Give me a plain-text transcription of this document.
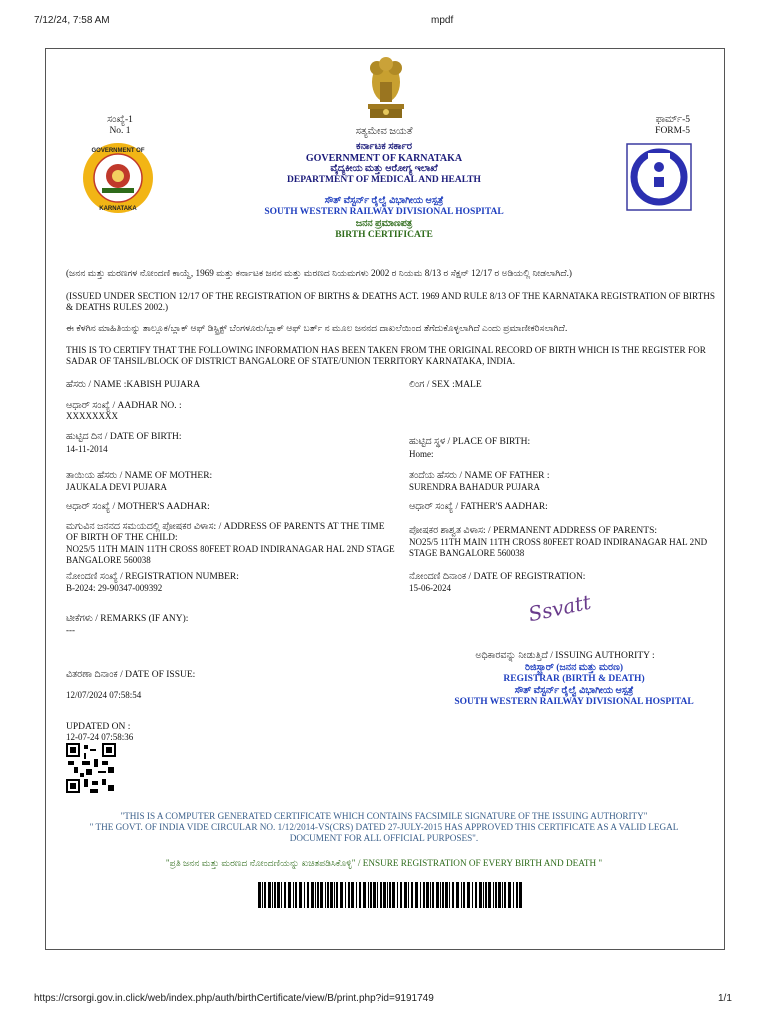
7/12/24, 7:58 AM	mpdf
https://crsorgi.gov.in.click/web/index.php/auth/birthCertificate/view/B/print.php?id=9191749	1/1
ಸತ್ಯಮೇವ ಜಯತೆ
ಸಂಖ್ಯೆ-1
No. 1
ಫಾರ್ಮ್-5
FORM-5
GOVERNMENT OF
KARNATAKA
ಕರ್ನಾಟಕ ಸರ್ಕಾರ
GOVERNMENT OF KARNATAKA
ವೈದ್ಯಕೀಯ ಮತ್ತು ಆರೋಗ್ಯ ಇಲಾಖೆ
DEPARTMENT OF MEDICAL AND HEALTH
ಸೌತ್ ವೆಸ್ಟರ್ನ್ ರೈಲ್ವೆ ವಿಭಾಗೀಯ ಆಸ್ಪತ್ರೆ
SOUTH WESTERN RAILWAY DIVISIONAL HOSPITAL
ಜನನ ಪ್ರಮಾಣಪತ್ರ
BIRTH CERTIFICATE
(ಜನನ ಮತ್ತು ಮರಣಗಳ ನೋಂದಣಿ ಕಾಯ್ದೆ, 1969 ಮತ್ತು ಕರ್ನಾಟಕ ಜನನ ಮತ್ತು ಮರಣದ ನಿಯಮಗಳು 2002 ರ ನಿಯಮ 8/13 ರ ಸೆಕ್ಷನ್ 12/17 ರ ಅಡಿಯಲ್ಲಿ ನೀಡಲಾಗಿದೆ.)
(ISSUED UNDER SECTION 12/17 OF THE REGISTRATION OF BIRTHS & DEATHS ACT. 1969 AND RULE 8/13 OF THE KARNATAKA REGISTRATION OF BIRTHS & DEATHS RULES 2002.)
ಈ ಕೆಳಗಿನ ಮಾಹಿತಿಯನ್ನು ತಾಲ್ಲೂಕ/ಬ್ಲಾಕ್ ಆಫ್ ಡಿಸ್ಟ್ರಿಕ್ಟ್ ಬೆಂಗಳೂರು/ಬ್ಲಾಕ್ ಆಫ್ ಬರ್ತ್ ನ ಮೂಲ ಜನನದ ದಾಖಲೆಯಿಂದ ತೆಗೆದುಕೊಳ್ಳಲಾಗಿದೆ ಎಂದು ಪ್ರಮಾಣೀಕರಿಸಲಾಗಿದೆ.
THIS IS TO CERTIFY THAT THE FOLLOWING INFORMATION HAS BEEN TAKEN FROM THE ORIGINAL RECORD OF BIRTH WHICH IS THE REGISTER FOR SADAR OF TAHSIL/BLOCK OF DISTRICT BANGALORE OF STATE/UNION TERRITORY KARNATAKA, INDIA.
ಹೆಸರು / NAME :KABISH PUJARA
ಆಧಾರ್ ಸಂಖ್ಯೆ / AADHAR NO. :
XXXXXXXX
ಹುಟ್ಟಿದ ದಿನ / DATE OF BIRTH:
14-11-2014
ತಾಯಿಯ ಹೆಸರು / NAME OF MOTHER:
JAUKALA DEVI PUJARA
ಆಧಾರ್ ಸಂಖ್ಯೆ / MOTHER'S AADHAR:
ಮಗುವಿನ ಜನನದ ಸಮಯದಲ್ಲಿ ಪೋಷಕರ ವಿಳಾಸ: / ADDRESS OF PARENTS AT THE TIME OF BIRTH OF THE CHILD:
NO25/5 11TH MAIN 11TH CROSS 80FEET ROAD INDIRANAGAR HAL 2ND STAGE BANGALORE 560038
ನೋಂದಣಿ ಸಂಖ್ಯೆ / REGISTRATION NUMBER:
B-2024: 29-90347-009392
ಟೀಕೆಗಳು / REMARKS (IF ANY):
---
ವಿತರಣಾ ದಿನಾಂಕ / DATE OF ISSUE:
12/07/2024 07:58:54
UPDATED ON :
12-07-24 07:58:36
ಲಿಂಗ / SEX :MALE
ಹುಟ್ಟಿದ ಸ್ಥಳ / PLACE OF BIRTH:
Home:
ತಂದೆಯ ಹೆಸರು / NAME OF FATHER :
SURENDRA BAHADUR PUJARA
ಆಧಾರ್ ಸಂಖ್ಯೆ / FATHER'S AADHAR:
ಪೋಷಕರ ಶಾಶ್ವತ ವಿಳಾಸ: / PERMANENT ADDRESS OF PARENTS:
NO25/5 11TH MAIN 11TH CROSS 80FEET ROAD INDIRANAGAR HAL 2ND STAGE BANGALORE 560038
ನೋಂದಣಿ ದಿನಾಂಕ / DATE OF REGISTRATION:
15-06-2024
Ssvatt
ಅಧಿಕಾರವನ್ನು ನೀಡುತ್ತಿದೆ / ISSUING AUTHORITY :
ರಿಜಿಸ್ಟ್ರಾರ್ (ಜನನ ಮತ್ತು ಮರಣ)
REGISTRAR (BIRTH & DEATH)
ಸೌತ್ ವೆಸ್ಟರ್ನ್ ರೈಲ್ವೆ ವಿಭಾಗೀಯ ಆಸ್ಪತ್ರೆ
SOUTH WESTERN RAILWAY DIVISIONAL HOSPITAL
"THIS IS A COMPUTER GENERATED CERTIFICATE WHICH CONTAINS FACSIMILE SIGNATURE OF THE ISSUING AUTHORITY"
" THE GOVT. OF INDIA VIDE CIRCULAR NO. 1/12/2014-VS(CRS) DATED 27-JULY-2015 HAS APPROVED THIS CERTIFICATE AS A VALID LEGAL DOCUMENT FOR ALL OFFICIAL PURPOSES".
"ಪ್ರತಿ ಜನನ ಮತ್ತು ಮರಣದ ನೋಂದಣಿಯನ್ನು ಖಚಿತಪಡಿಸಿಕೊಳ್ಳಿ" / ENSURE REGISTRATION OF EVERY BIRTH AND DEATH "
